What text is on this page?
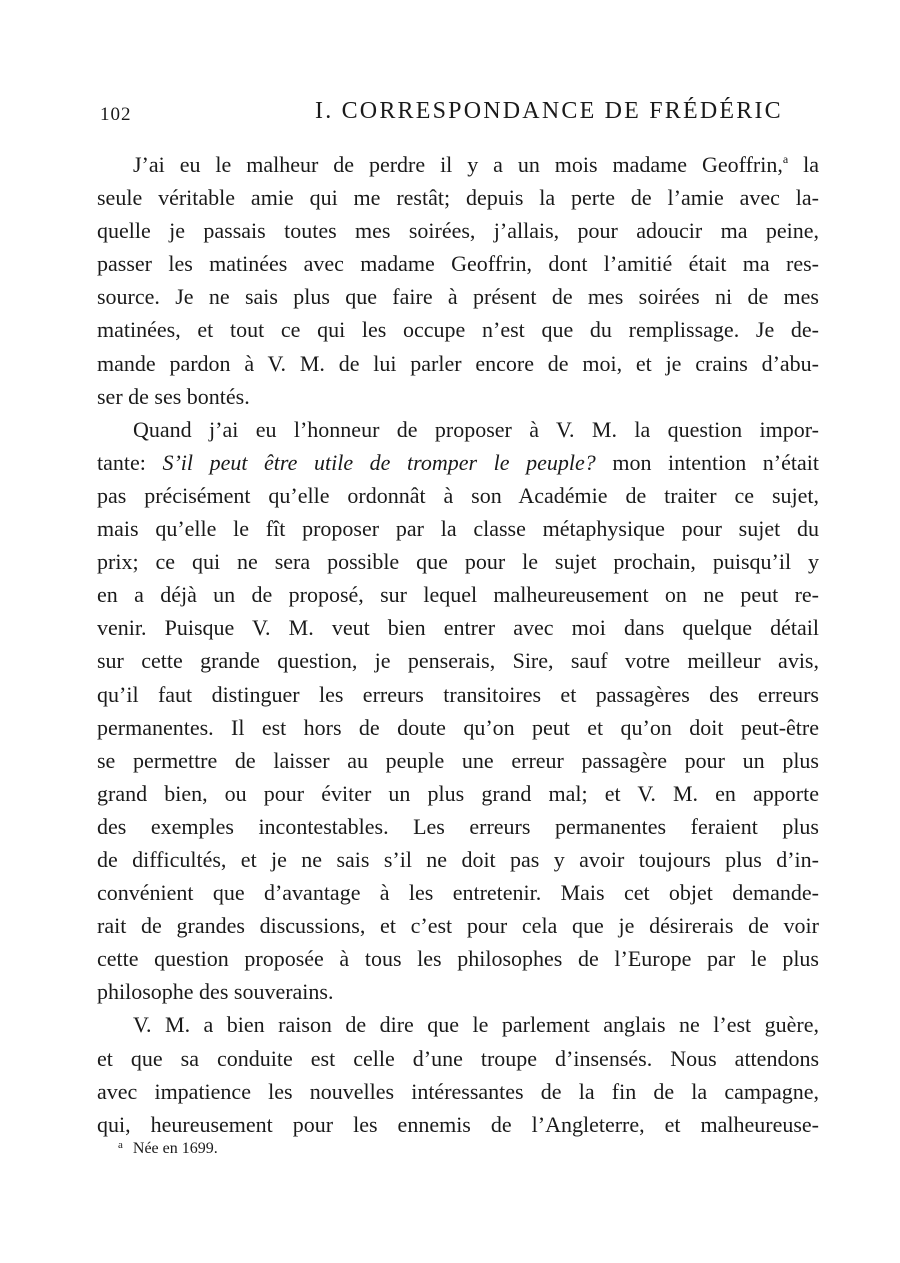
102	I. CORRESPONDANCE DE FRÉDÉRIC
J’ai eu le malheur de perdre il y a un mois madame Geoffrin,$^a$ la
seule véritable amie qui me restât; depuis la perte de l’amie avec la-
quelle je passais toutes mes soirées, j’allais, pour adoucir ma peine,
passer les matinées avec madame Geoffrin, dont l’amitié était ma res-
source. Je ne sais plus que faire à présent de mes soirées ni de mes
matinées, et tout ce qui les occupe n’est que du remplissage. Je de-
mande pardon à V. M. de lui parler encore de moi, et je crains d’abu-
ser de ses bontés.
Quand j’ai eu l’honneur de proposer à V. M. la question impor-
tante: S’il peut être utile de tromper le peuple? mon intention n’était
pas précisément qu’elle ordonnât à son Académie de traiter ce sujet,
mais qu’elle le fît proposer par la classe métaphysique pour sujet du
prix; ce qui ne sera possible que pour le sujet prochain, puisqu’il y
en a déjà un de proposé, sur lequel malheureusement on ne peut re-
venir. Puisque V. M. veut bien entrer avec moi dans quelque détail
sur cette grande question, je penserais, Sire, sauf votre meilleur avis,
qu’il faut distinguer les erreurs transitoires et passagères des erreurs
permanentes. Il est hors de doute qu’on peut et qu’on doit peut-être
se permettre de laisser au peuple une erreur passagère pour un plus
grand bien, ou pour éviter un plus grand mal; et V. M. en apporte
des exemples incontestables. Les erreurs permanentes feraient plus
de difficultés, et je ne sais s’il ne doit pas y avoir toujours plus d’in-
convénient que d’avantage à les entretenir. Mais cet objet demande-
rait de grandes discussions, et c’est pour cela que je désirerais de voir
cette question proposée à tous les philosophes de l’Europe par le plus
philosophe des souverains.
V. M. a bien raison de dire que le parlement anglais ne l’est guère,
et que sa conduite est celle d’une troupe d’insensés. Nous attendons
avec impatience les nouvelles intéressantes de la fin de la campagne,
qui, heureusement pour les ennemis de l’Angleterre, et malheureuse-
$^a$ Née en 1699.
